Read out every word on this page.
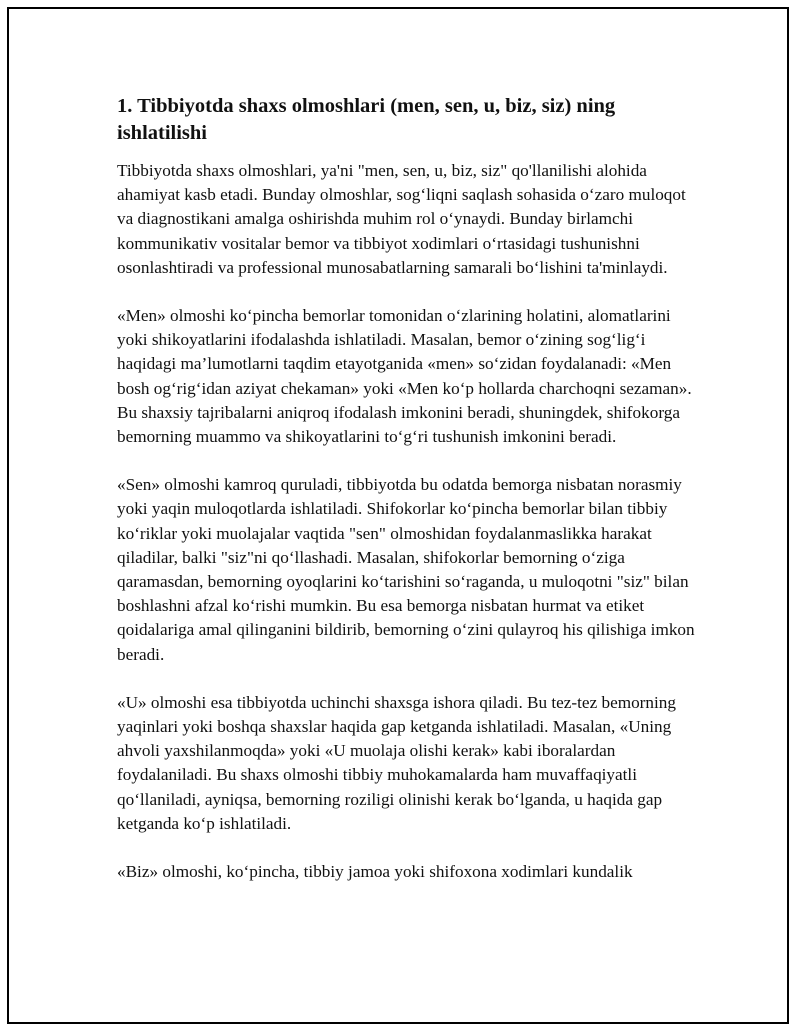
1. Tibbiyotda shaxs olmoshlari (men, sen, u, biz, siz) ning ishlatilishi

Tibbiyotda shaxs olmoshlari, ya'ni "men, sen, u, biz, siz" qo'llanilishi alohida ahamiyat kasb etadi. Bunday olmoshlar, sog‘liqni saqlash sohasida o‘zaro muloqot va diagnostikani amalga oshirishda muhim rol o‘ynaydi. Bunday birlamchi kommunikativ vositalar bemor va tibbiyot xodimlari o‘rtasidagi tushunishni osonlashtiradi va professional munosabatlarning samarali bo‘lishini ta'minlaydi.

«Men» olmoshi ko‘pincha bemorlar tomonidan o‘zlarining holatini, alomatlarini yoki shikoyatlarini ifodalashda ishlatiladi. Masalan, bemor o‘zining sog‘lig‘i haqidagi ma’lumotlarni taqdim etayotganida «men» so‘zidan foydalanadi: «Men bosh og‘rig‘idan aziyat chekaman» yoki «Men ko‘p hollarda charchoqni sezaman». Bu shaxsiy tajribalarni aniqroq ifodalash imkonini beradi, shuningdek, shifokorga bemorning muammo va shikoyatlarini to‘g‘ri tushunish imkonini beradi.

«Sen» olmoshi kamroq quruladi, tibbiyotda bu odatda bemorga nisbatan norasmiy yoki yaqin muloqotlarda ishlatiladi. Shifokorlar ko‘pincha bemorlar bilan tibbiy ko‘riklar yoki muolajalar vaqtida "sen" olmoshidan foydalanmaslikka harakat qiladilar, balki "siz"ni qo‘llashadi. Masalan, shifokorlar bemorning o‘ziga qaramasdan, bemorning oyoqlarini ko‘tarishini so‘raganda, u muloqotni "siz" bilan boshlashni afzal ko‘rishi mumkin. Bu esa bemorga nisbatan hurmat va etiket qoidalariga amal qilinganini bildirib, bemorning o‘zini qulayroq his qilishiga imkon beradi.

«U» olmoshi esa tibbiyotda uchinchi shaxsga ishora qiladi. Bu tez-tez bemorning yaqinlari yoki boshqa shaxslar haqida gap ketganda ishlatiladi. Masalan, «Uning ahvoli yaxshilanmoqda» yoki «U muolaja olishi kerak» kabi iboralardan foydalaniladi. Bu shaxs olmoshi tibbiy muhokamalarda ham muvaffaqiyatli qo‘llaniladi, ayniqsa, bemorning roziligi olinishi kerak bo‘lganda, u haqida gap ketganda ko‘p ishlatiladi.

«Biz» olmoshi, ko‘pincha, tibbiy jamoa yoki shifoxona xodimlari kundalik
